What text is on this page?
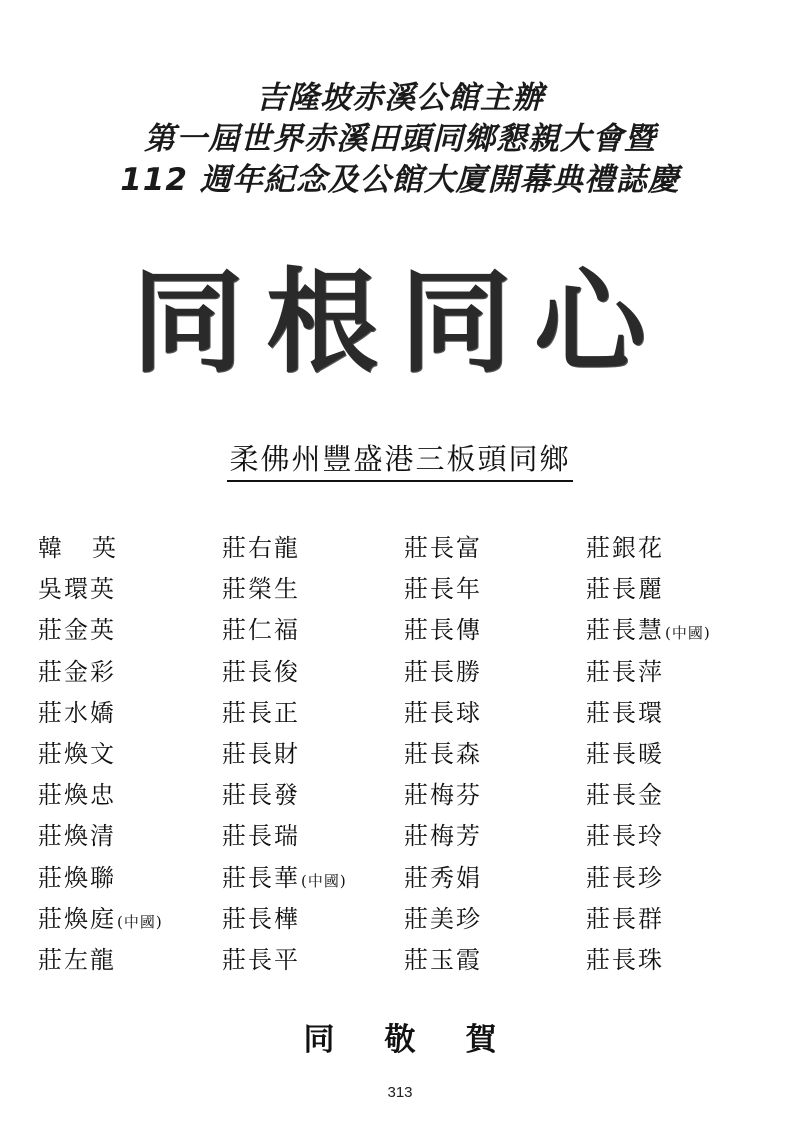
吉隆坡赤溪公館主辦
第一屆世界赤溪田頭同鄉懇親大會暨
112 週年紀念及公館大廈開幕典禮誌慶
同根同心
柔佛州豐盛港三板頭同鄉
韓英	莊右龍	莊長富	莊銀花
吳環英	莊榮生	莊長年	莊長麗
莊金英	莊仁福	莊長傳	莊長慧(中國)
莊金彩	莊長俊	莊長勝	莊長萍
莊水嬌	莊長正	莊長球	莊長環
莊煥文	莊長財	莊長森	莊長暖
莊煥忠	莊長發	莊梅芬	莊長金
莊煥清	莊長瑞	莊梅芳	莊長玲
莊煥聯	莊長華(中國)	莊秀娟	莊長珍
莊煥庭(中國)	莊長樺	莊美珍	莊長群
莊左龍	莊長平	莊玉霞	莊長珠
同敬賀
313
